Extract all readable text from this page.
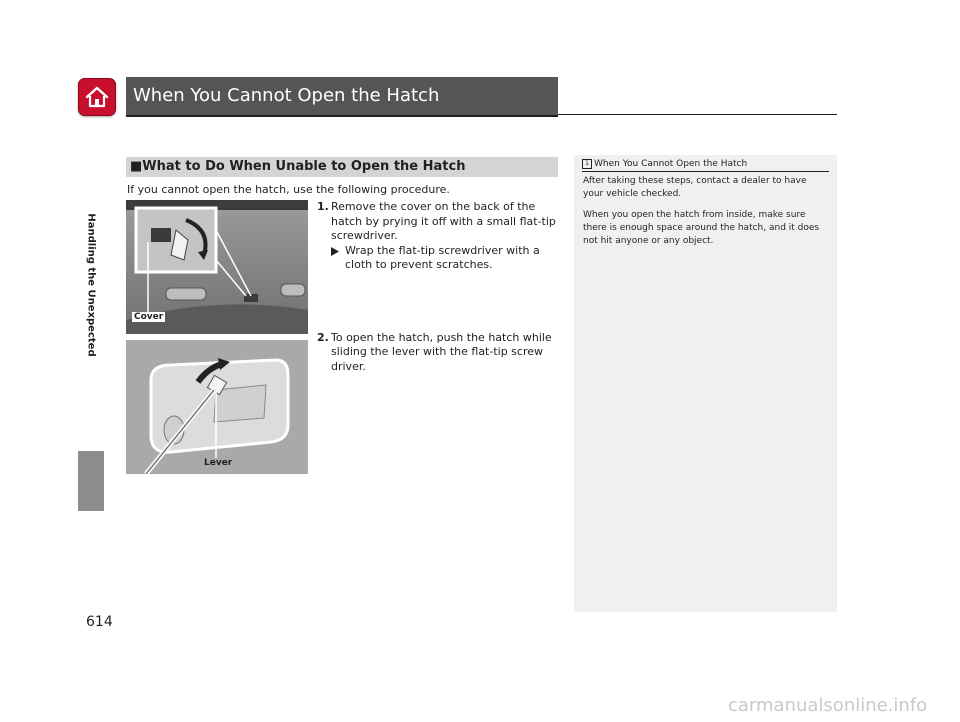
When You Cannot Open the Hatch
Handling the Unexpected
■What to Do When Unable to Open the Hatch
If you cannot open the hatch, use the following procedure.
Cover
Lever
1. Remove the cover on the back of the hatch by prying it off with a small flat-tip screwdriver.
Wrap the flat-tip screwdriver with a cloth to prevent scratches.
2. To open the hatch, push the hatch while sliding the lever with the flat-tip screw driver.
1 When You Cannot Open the Hatch

After taking these steps, contact a dealer to have your vehicle checked.

When you open the hatch from inside, make sure there is enough space around the hatch, and it does not hit anyone or any object.

614
carmanualsonline.info
